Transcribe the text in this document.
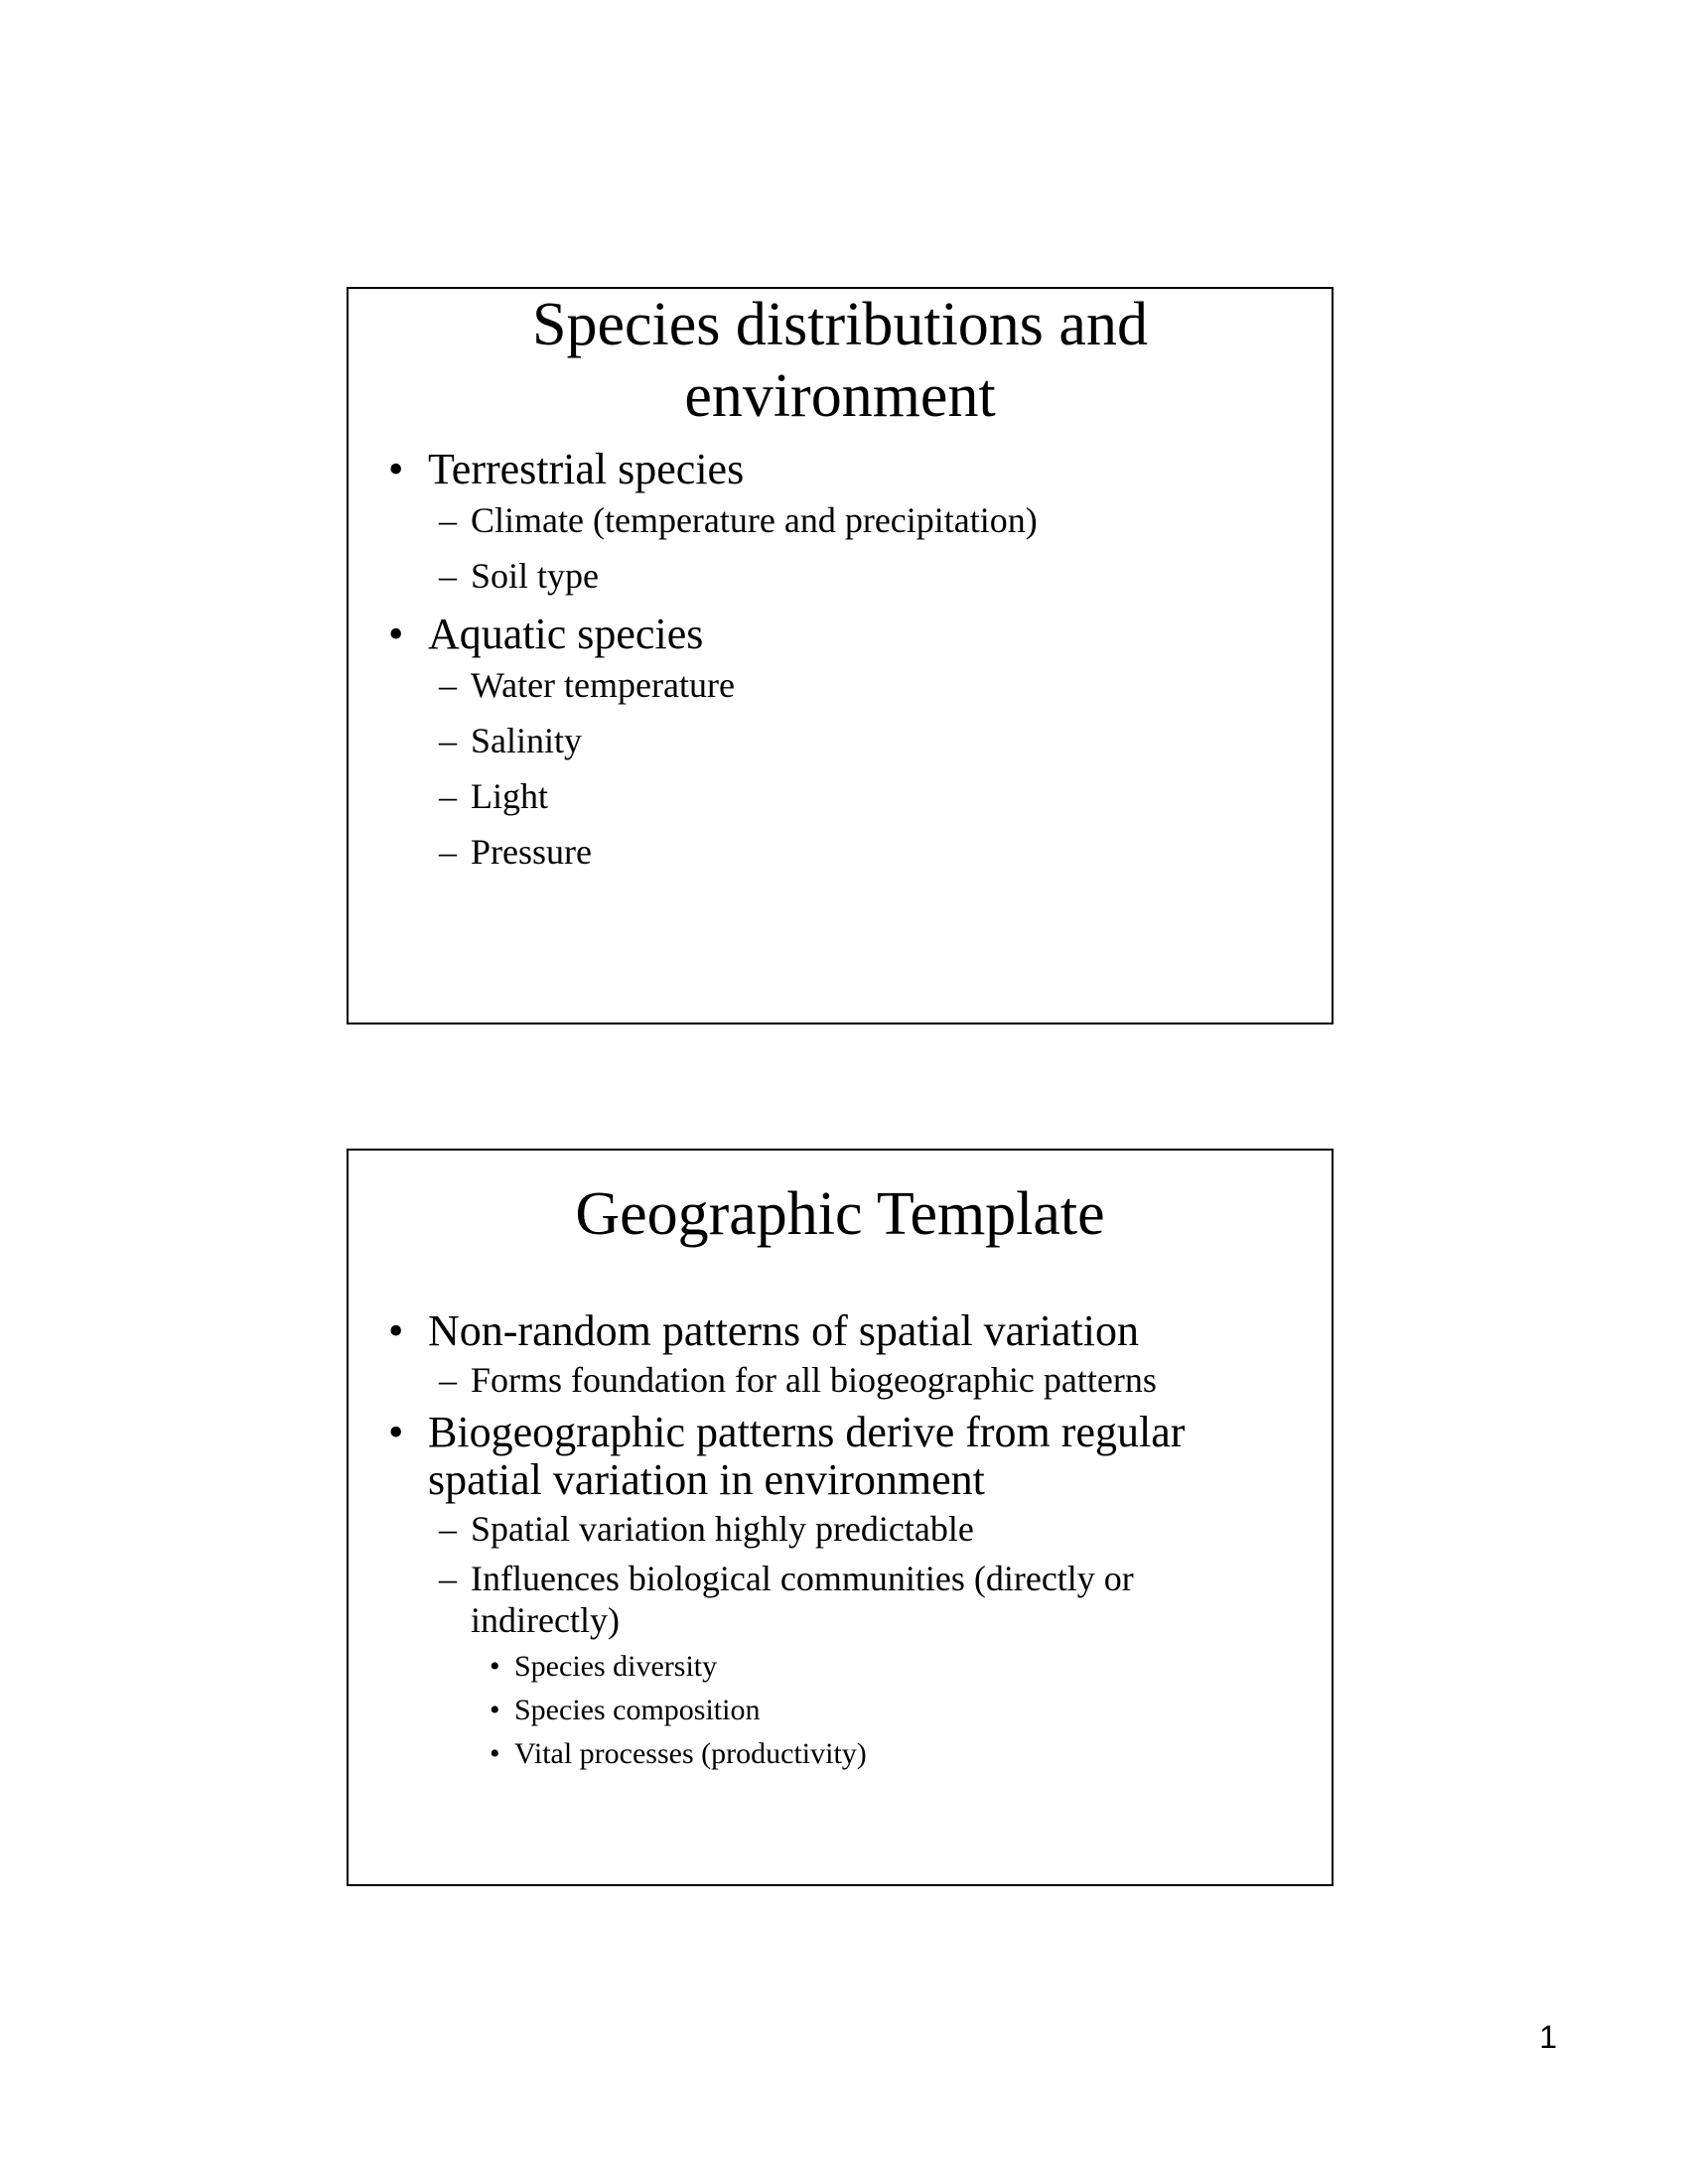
Species distributions and
environment
• Terrestrial species
– Climate (temperature and precipitation)
– Soil type
• Aquatic species
– Water temperature
– Salinity
– Light
– Pressure
Geographic Template
• Non-random patterns of spatial variation
– Forms foundation for all biogeographic patterns
• Biogeographic patterns derive from regular
spatial variation in environment
– Spatial variation highly predictable
– Influences biological communities (directly or
indirectly)
• Species diversity
• Species composition
• Vital processes (productivity)
1
